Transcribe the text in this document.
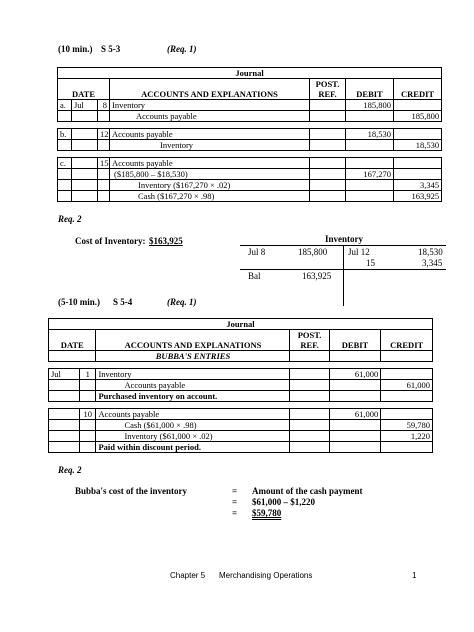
(10 min.) S 5-3	(Req. 1)
Journal						
				POST.		
DATE			ACCOUNTS AND EXPLANATIONS	REF.	DEBIT	CREDIT
a.	Jul	8	Inventory		185,800	
			Accounts payable			185,800

b.		12	Accounts payable		18,530	
			Inventory			18,530

c.		15	Accounts payable			
			($185,800 – $18,530)		167,270	
			Inventory ($167,270 × .02)			3,345
			Cash ($167,270 × .98)			163,925
Req. 2
Cost of Inventory: $163,925	Inventory
Jul 8	185,800 Jul 12	18,530
15	3,345
Bal	163,925
(5-10 min.) S 5-4	(Req. 1)
Journal					
			POST.		
DATE		ACCOUNTS AND EXPLANATIONS	REF.	DEBIT	CREDIT
		BUBBA'S ENTRIES			

Jul	1	Inventory		61,000	
		Accounts payable			61,000
		Purchased inventory on account.			

	10	Accounts payable		61,000	
		Cash ($61,000 × .98)			59,780
		Inventory ($61,000 × .02)			1,220
		Paid within discount period.			
Req. 2
Bubba's cost of the inventory	= Amount of the cash payment
= $61,000 – $1,220
= $59,780
Chapter 5 Merchandising Operations	1
